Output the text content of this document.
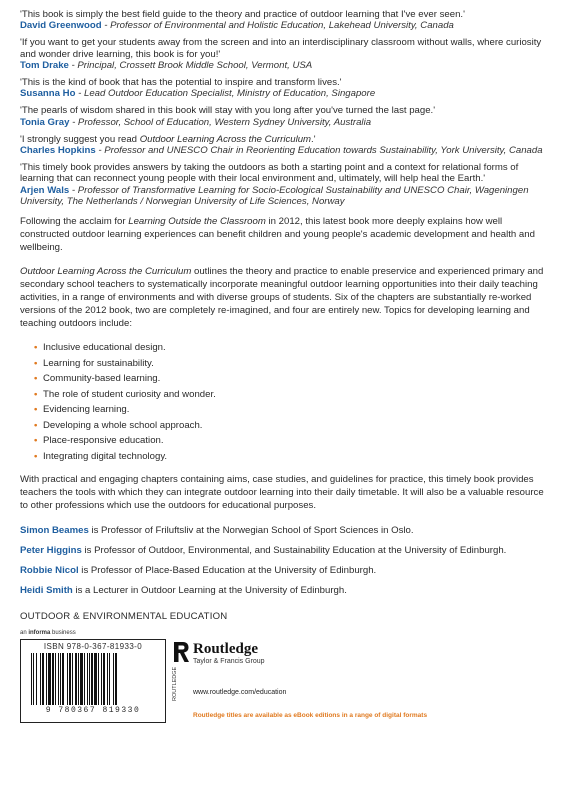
'This book is simply the best field guide to the theory and practice of outdoor learning that I've ever seen.'

David Greenwood - Professor of Environmental and Holistic Education, Lakehead University, Canada

'If you want to get your students away from the screen and into an interdisciplinary classroom without walls, where curiosity and wonder drive learning, this book is for you!'

Tom Drake - Principal, Crossett Brook Middle School, Vermont, USA

'This is the kind of book that has the potential to inspire and transform lives.'

Susanna Ho - Lead Outdoor Education Specialist, Ministry of Education, Singapore

'The pearls of wisdom shared in this book will stay with you long after you've turned the last page.'

Tonia Gray - Professor, School of Education, Western Sydney University, Australia

'I strongly suggest you read Outdoor Learning Across the Curriculum.'

Charles Hopkins - Professor and UNESCO Chair in Reorienting Education towards Sustainability, York University, Canada

'This timely book provides answers by taking the outdoors as both a starting point and a context for relational forms of learning that can reconnect young people with their local environment and, ultimately, will help heal the Earth.'

Arjen Wals - Professor of Transformative Learning for Socio-Ecological Sustainability and UNESCO Chair, Wageningen University, The Netherlands / Norwegian University of Life Sciences, Norway

Following the acclaim for Learning Outside the Classroom in 2012, this latest book more deeply explains how well constructed outdoor learning experiences can benefit children and young people's academic development and health and wellbeing.

Outdoor Learning Across the Curriculum outlines the theory and practice to enable preservice and experienced primary and secondary school teachers to systematically incorporate meaningful outdoor learning opportunities into their daily teaching activities, in a range of environments and with diverse groups of students. Six of the chapters are substantially re-worked versions of the 2012 book, two are completely re-imagined, and four are entirely new. Topics for developing learning and teaching outdoors include:

• Inclusive educational design.
• Learning for sustainability.
• Community-based learning.
• The role of student curiosity and wonder.
• Evidencing learning.
• Developing a whole school approach.
• Place-responsive education.
• Integrating digital technology.

With practical and engaging chapters containing aims, case studies, and guidelines for practice, this timely book provides teachers the tools with which they can integrate outdoor learning into their daily timetable. It will also be a valuable resource to other professions which use the outdoors for educational purposes.

Simon Beames is Professor of Friluftsliv at the Norwegian School of Sport Sciences in Oslo.

Peter Higgins is Professor of Outdoor, Environmental, and Sustainability Education at the University of Edinburgh.

Robbie Nicol is Professor of Place-Based Education at the University of Edinburgh.

Heidi Smith is a Lecturer in Outdoor Learning at the University of Edinburgh.

OUTDOOR & ENVIRONMENTAL EDUCATION
an informa business
ISBN 978-0-367-81933-0
9 780367 819330
Routledge
Taylor & Francis Group
ROUTLEDGE www.routledge.com/education
Routledge titles are available as eBook editions in a range of digital formats
